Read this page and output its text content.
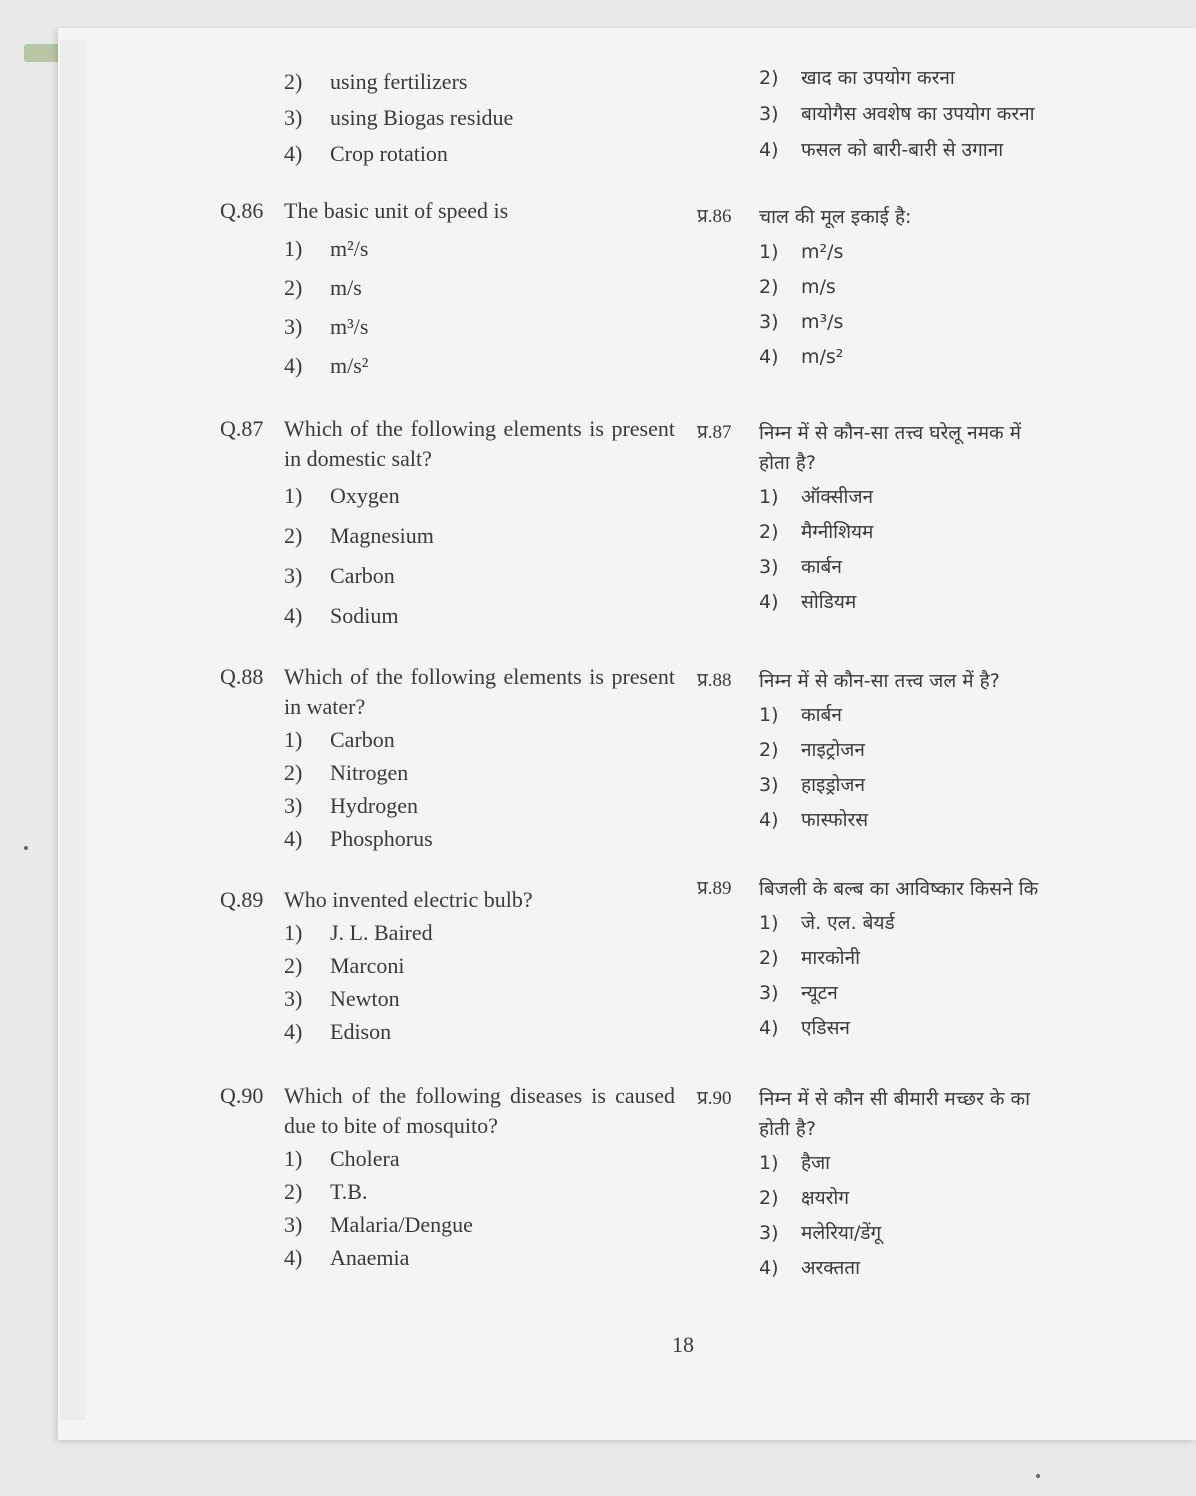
2)	using fertilizers
3)	using Biogas residue
4)	Crop rotation
Q.86 The basic unit of speed is
1)	m²/s
2)	m/s
3)	m³/s
4)	m/s²
Q.87 Which of the following elements is present in domestic salt?
1)	Oxygen
2)	Magnesium
3)	Carbon
4)	Sodium
Q.88 Which of the following elements is present in water?
1)	Carbon
2)	Nitrogen
3)	Hydrogen
4)	Phosphorus
Q.89 Who invented electric bulb?
1)	J. L. Baired
2)	Marconi
3)	Newton
4)	Edison
Q.90 Which of the following diseases is caused due to bite of mosquito?
1)	Cholera
2)	T.B.
3)	Malaria/Dengue
4)	Anaemia
2)	खाद का उपयोग करना
3)	बायोगैस अवशेष का उपयोग करना
4)	फसल को बारी-बारी से उगाना
प्र.86	चाल की मूल इकाई है:
1)	m²/s
2)	m/s
3)	m³/s
4)	m/s²
प्र.87	निम्न में से कौन-सा तत्त्व घरेलू नमक में
होता है?
1)	ऑक्सीजन
2)	मैग्नीशियम
3)	कार्बन
4)	सोडियम
प्र.88	निम्न में से कौन-सा तत्त्व जल में है?
1)	कार्बन
2)	नाइट्रोजन
3)	हाइड्रोजन
4)	फास्फोरस
प्र.89	बिजली के बल्ब का आविष्कार किसने कि
1)	जे. एल. बेयर्ड
2)	मारकोनी
3)	न्यूटन
4)	एडिसन
प्र.90	निम्न में से कौन सी बीमारी मच्छर के का
होती है?
1)	हैजा
2)	क्षयरोग
3)	मलेरिया/डेंगू
4)	अरक्तता
18
